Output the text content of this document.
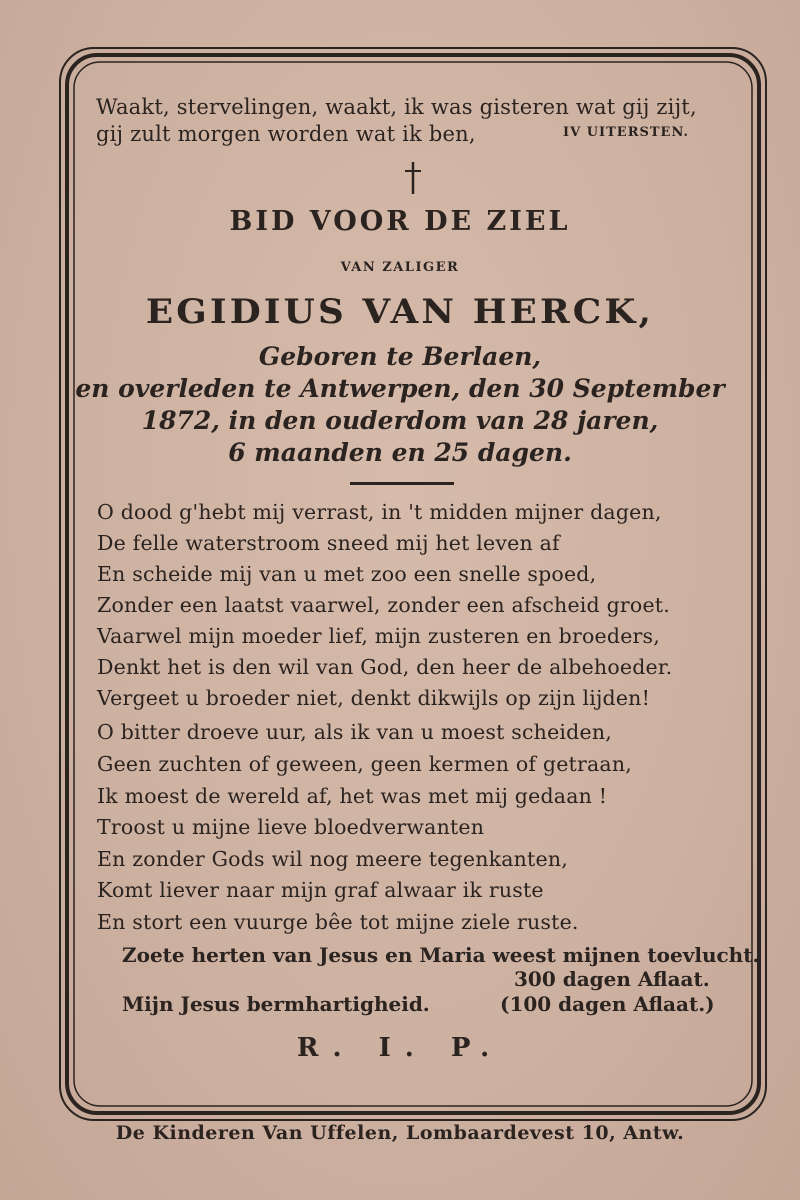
Waakt, stervelingen, waakt, ik was gisteren wat gij zijt,
gij zult morgen worden wat ik ben,	IV UITERSTEN.
BID VOOR DE ZIEL
VAN ZALIGER
EGIDIUS VAN HERCK,
Geboren te Berlaen,
en overleden te Antwerpen, den 30 September
1872, in den ouderdom van 28 jaren,
6 maanden en 25 dagen.
O dood g'hebt mij verrast, in 't midden mijner dagen,
De felle waterstroom sneed mij het leven af
En scheide mij van u met zoo een snelle spoed,
Zonder een laatst vaarwel, zonder een afscheid groet.
Vaarwel mijn moeder lief, mijn zusteren en broeders,
Denkt het is den wil van God, den heer de albehoeder.
Vergeet u broeder niet, denkt dikwijls op zijn lijden!
O bitter droeve uur, als ik van u moest scheiden,
Geen zuchten of geween, geen kermen of getraan,
Ik moest de wereld af, het was met mij gedaan !
Troost u mijne lieve bloedverwanten
En zonder Gods wil nog meere tegenkanten,
Komt liever naar mijn graf alwaar ik ruste
En stort een vuurge bêe tot mijne ziele ruste.
Zoete herten van Jesus en Maria weest mijnen toevlucht.
300 dagen Aflaat.
Mijn Jesus bermhartigheid.	(100 dagen Aflaat.)
R. I. P.
De Kinderen Van Uffelen, Lombaardevest 10, Antw.
